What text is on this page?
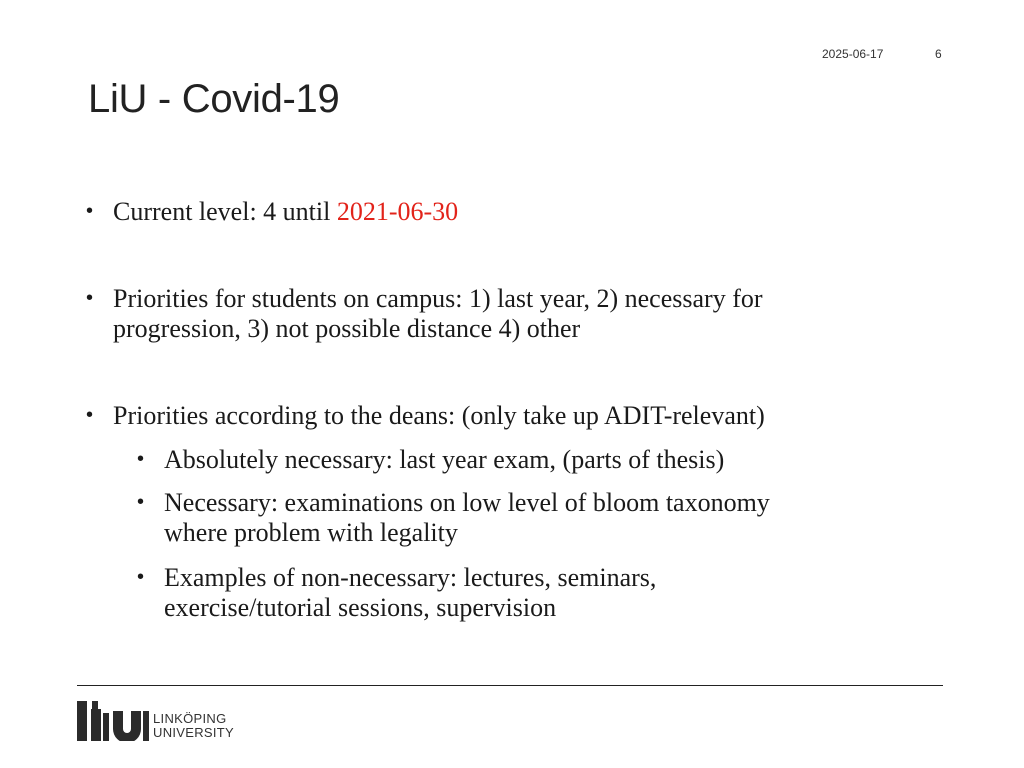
2025-06-17	6
LiU - Covid-19
• Current level: 4 until 2021-06-30
• Priorities for students on campus: 1) last year, 2) necessary for
progression, 3) not possible distance 4) other
• Priorities according to the deans: (only take up ADIT-relevant)
• Absolutely necessary: last year exam, (parts of thesis)
• Necessary: examinations on low level of bloom taxonomy
where problem with legality
• Examples of non-necessary: lectures, seminars,
exercise/tutorial sessions, supervision
LINKÖPING
UNIVERSITY
